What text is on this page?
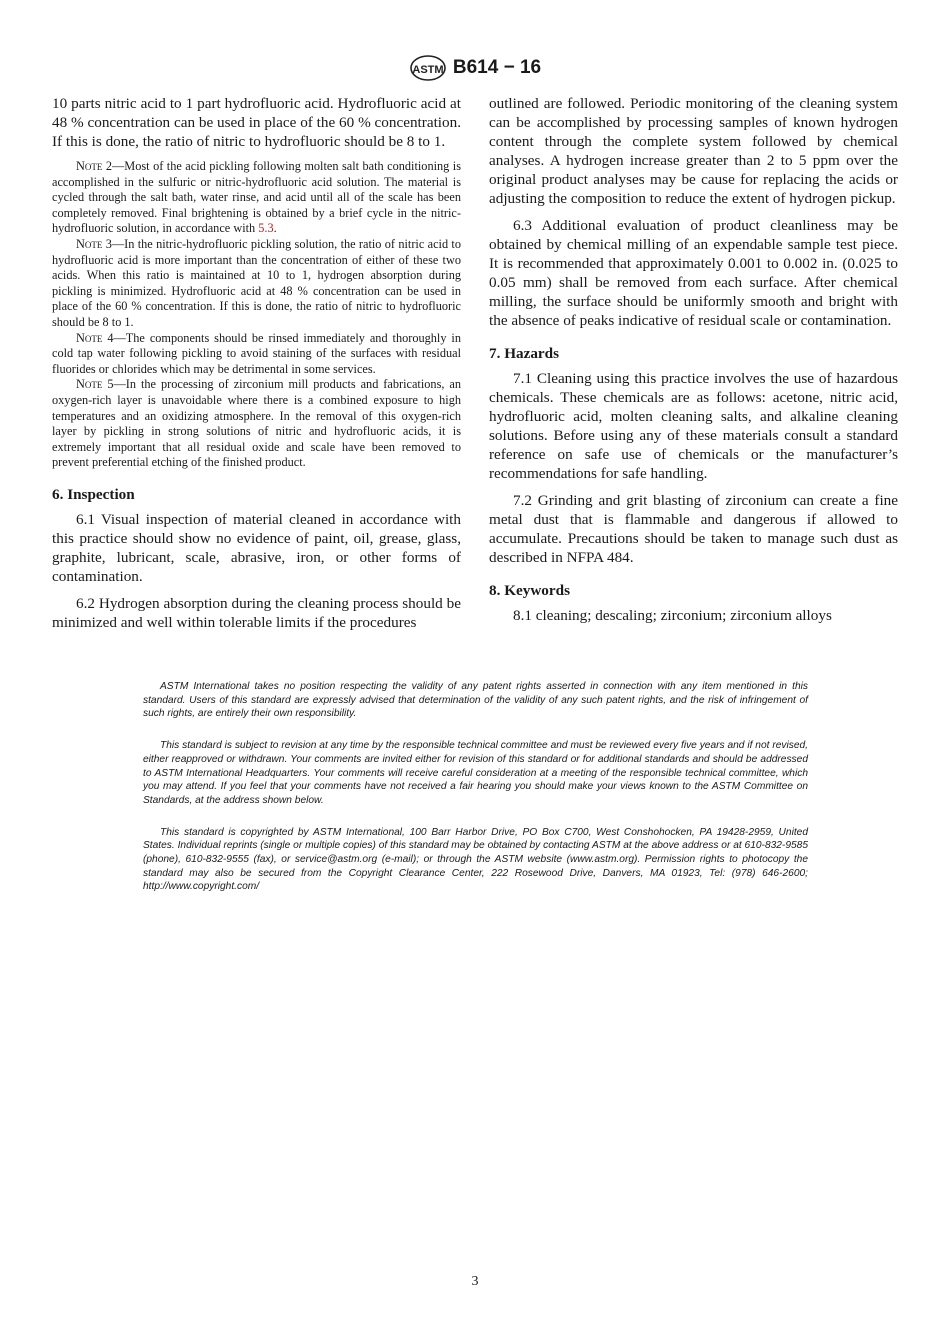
ASTM B614 − 16

10 parts nitric acid to 1 part hydrofluoric acid. Hydrofluoric acid at 48 % concentration can be used in place of the 60 % concentration. If this is done, the ratio of nitric to hydrofluoric should be 8 to 1.

Note 2—Most of the acid pickling following molten salt bath conditioning is accomplished in the sulfuric or nitric-hydrofluoric acid solution. The material is cycled through the salt bath, water rinse, and acid until all of the scale has been completely removed. Final brightening is obtained by a brief cycle in the nitric-hydrofluoric solution, in accordance with 5.3.

Note 3—In the nitric-hydrofluoric pickling solution, the ratio of nitric acid to hydrofluoric acid is more important than the concentration of either of these two acids. When this ratio is maintained at 10 to 1, hydrogen absorption during pickling is minimized. Hydrofluoric acid at 48 % concentration can be used in place of the 60 % concentration. If this is done, the ratio of nitric to hydrofluoric should be 8 to 1.

Note 4—The components should be rinsed immediately and thoroughly in cold tap water following pickling to avoid staining of the surfaces with residual fluorides or chlorides which may be detrimental in some services.

Note 5—In the processing of zirconium mill products and fabrications, an oxygen-rich layer is unavoidable where there is a combined exposure to high temperatures and an oxidizing atmosphere. In the removal of this oxygen-rich layer by pickling in strong solutions of nitric and hydrofluoric acids, it is extremely important that all residual oxide and scale have been removed to prevent preferential etching of the finished product.

6. Inspection

6.1 Visual inspection of material cleaned in accordance with this practice should show no evidence of paint, oil, grease, glass, graphite, lubricant, scale, abrasive, iron, or other forms of contamination.

6.2 Hydrogen absorption during the cleaning process should be minimized and well within tolerable limits if the procedures

outlined are followed. Periodic monitoring of the cleaning system can be accomplished by processing samples of known hydrogen content through the complete system followed by chemical analyses. A hydrogen increase greater than 2 to 5 ppm over the original product analyses may be cause for replacing the acids or adjusting the composition to reduce the extent of hydrogen pickup.

6.3 Additional evaluation of product cleanliness may be obtained by chemical milling of an expendable sample test piece. It is recommended that approximately 0.001 to 0.002 in. (0.025 to 0.05 mm) shall be removed from each surface. After chemical milling, the surface should be uniformly smooth and bright with the absence of peaks indicative of residual scale or contamination.

7. Hazards

7.1 Cleaning using this practice involves the use of hazardous chemicals. These chemicals are as follows: acetone, nitric acid, hydrofluoric acid, molten cleaning salts, and alkaline cleaning solutions. Before using any of these materials consult a standard reference on safe use of chemicals or the manufacturer’s recommendations for safe handling.

7.2 Grinding and grit blasting of zirconium can create a fine metal dust that is flammable and dangerous if allowed to accumulate. Precautions should be taken to manage such dust as described in NFPA 484.

8. Keywords

8.1 cleaning; descaling; zirconium; zirconium alloys

ASTM International takes no position respecting the validity of any patent rights asserted in connection with any item mentioned in this standard. Users of this standard are expressly advised that determination of the validity of any such patent rights, and the risk of infringement of such rights, are entirely their own responsibility.

This standard is subject to revision at any time by the responsible technical committee and must be reviewed every five years and if not revised, either reapproved or withdrawn. Your comments are invited either for revision of this standard or for additional standards and should be addressed to ASTM International Headquarters. Your comments will receive careful consideration at a meeting of the responsible technical committee, which you may attend. If you feel that your comments have not received a fair hearing you should make your views known to the ASTM Committee on Standards, at the address shown below.

This standard is copyrighted by ASTM International, 100 Barr Harbor Drive, PO Box C700, West Conshohocken, PA 19428-2959, United States. Individual reprints (single or multiple copies) of this standard may be obtained by contacting ASTM at the above address or at 610-832-9585 (phone), 610-832-9555 (fax), or service@astm.org (e-mail); or through the ASTM website (www.astm.org). Permission rights to photocopy the standard may also be secured from the Copyright Clearance Center, 222 Rosewood Drive, Danvers, MA 01923, Tel: (978) 646-2600; http://www.copyright.com/

3
